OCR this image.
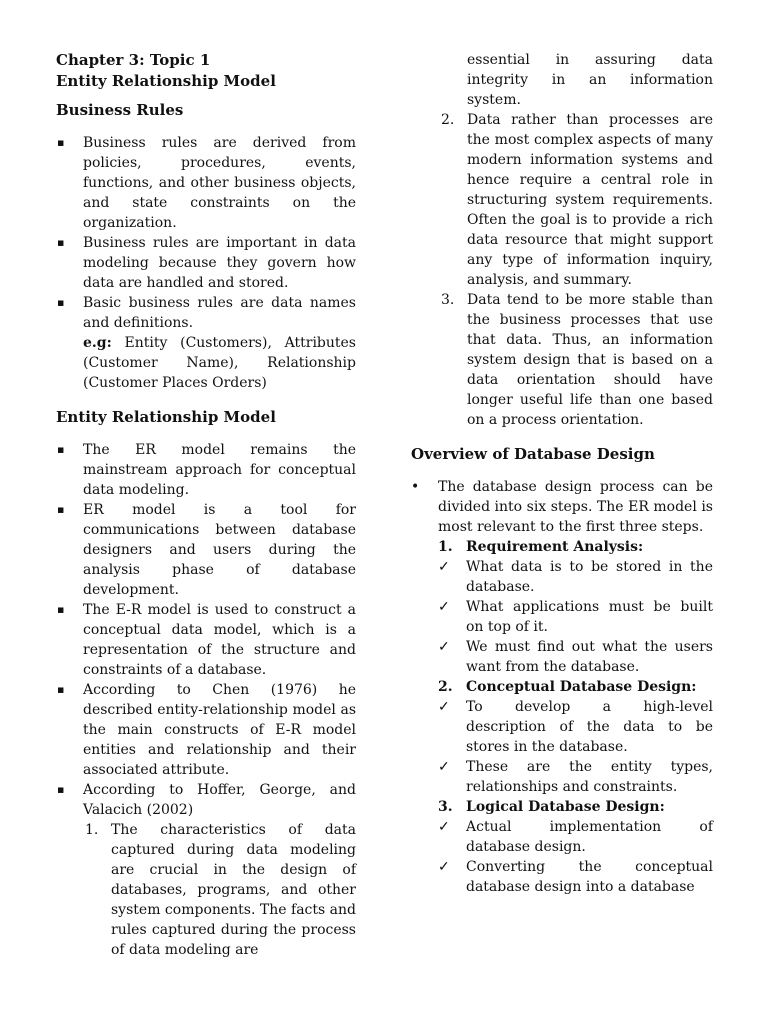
Chapter 3: Topic 1

Entity Relationship Model

Business Rules

▪ Business rules are derived from policies, procedures, events, functions, and other business objects, and state constraints on the organization.
▪ Business rules are important in data modeling because they govern how data are handled and stored.
▪ Basic business rules are data names and definitions.
e.g: Entity (Customers), Attributes (Customer Name), Relationship (Customer Places Orders)

Entity Relationship Model

▪ The ER model remains the mainstream approach for conceptual data modeling.
▪ ER model is a tool for communications between database designers and users during the analysis phase of database development.
▪ The E-R model is used to construct a conceptual data model, which is a representation of the structure and constraints of a database.
▪ According to Chen (1976) he described entity-relationship model as the main constructs of E-R model entities and relationship and their associated attribute.
▪ According to Hoffer, George, and Valacich (2002)
1. The characteristics of data captured during data modeling are crucial in the design of databases, programs, and other system components. The facts and rules captured during the process of data modeling are
essential in assuring data integrity in an information system.
2. Data rather than processes are the most complex aspects of many modern information systems and hence require a central role in structuring system requirements. Often the goal is to provide a rich data resource that might support any type of information inquiry, analysis, and summary.
3. Data tend to be more stable than the business processes that use that data. Thus, an information system design that is based on a data orientation should have longer useful life than one based on a process orientation.

Overview of Database Design

• The database design process can be divided into six steps. The ER model is most relevant to the first three steps.
1. Requirement Analysis:
✓ What data is to be stored in the database.
✓ What applications must be built on top of it.
✓ We must find out what the users want from the database.
2. Conceptual Database Design:
✓ To develop a high-level description of the data to be stores in the database.
✓ These are the entity types, relationships and constraints.
3. Logical Database Design:
✓ Actual implementation of database design.
✓ Converting the conceptual database design into a database
